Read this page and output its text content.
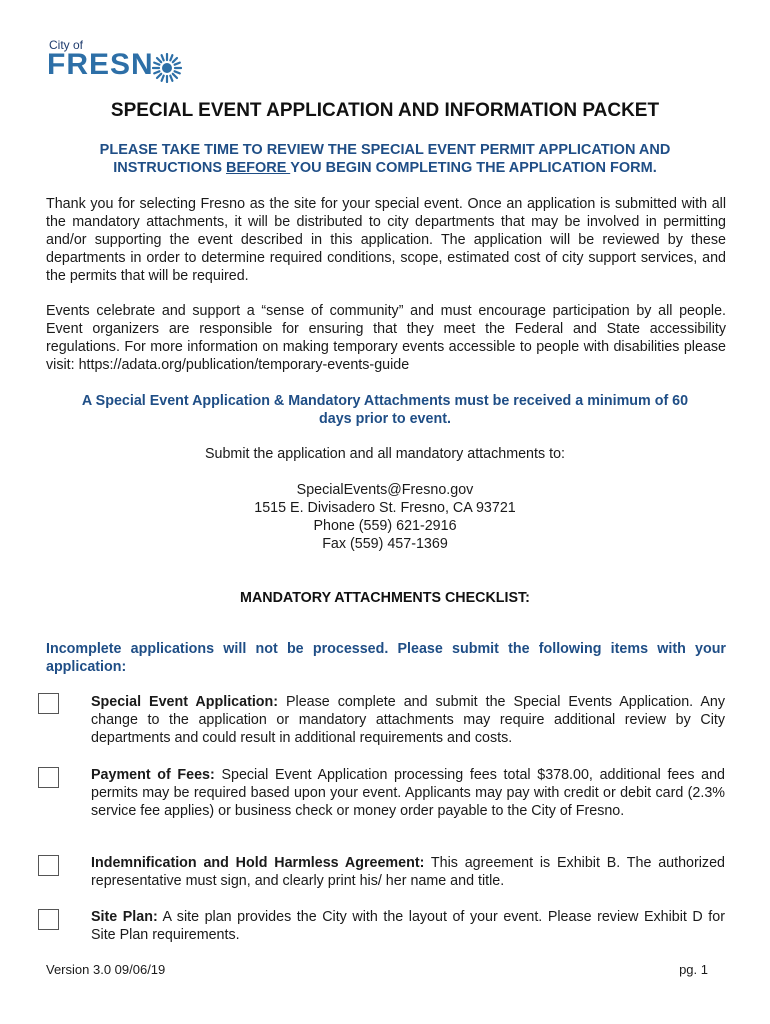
City of
FRESN
SPECIAL EVENT APPLICATION AND INFORMATION PACKET
PLEASE TAKE TIME TO REVIEW THE SPECIAL EVENT PERMIT APPLICATION AND
INSTRUCTIONS BEFORE YOU BEGIN COMPLETING THE APPLICATION FORM.
Thank you for selecting Fresno as the site for your special event. Once an application is submitted with all the mandatory attachments, it will be distributed to city departments that may be involved in permitting and/or supporting the event described in this application. The application will be reviewed by these departments in order to determine required conditions, scope, estimated cost of city support services, and the permits that will be required.
Events celebrate and support a “sense of community” and must encourage participation by all people. Event organizers are responsible for ensuring that they meet the Federal and State accessibility regulations. For more information on making temporary events accessible to people with disabilities please visit: https://adata.org/publication/temporary-events-guide
A Special Event Application & Mandatory Attachments must be received a minimum of 60
days prior to event.
Submit the application and all mandatory attachments to:
SpecialEvents@Fresno.gov
1515 E. Divisadero St. Fresno, CA 93721
Phone (559) 621-2916
Fax (559) 457-1369
MANDATORY ATTACHMENTS CHECKLIST:
Incomplete applications will not be processed. Please submit the following items with your application:
Special Event Application: Please complete and submit the Special Events Application. Any change to the application or mandatory attachments may require additional review by City departments and could result in additional requirements and costs.
Payment of Fees: Special Event Application processing fees total $378.00, additional fees and permits may be required based upon your event. Applicants may pay with credit or debit card (2.3% service fee applies) or business check or money order payable to the City of Fresno.
Indemnification and Hold Harmless Agreement: This agreement is Exhibit B. The authorized representative must sign, and clearly print his/ her name and title.
Site Plan: A site plan provides the City with the layout of your event. Please review Exhibit D for Site Plan requirements.
Version 3.0 09/06/19	pg. 1
